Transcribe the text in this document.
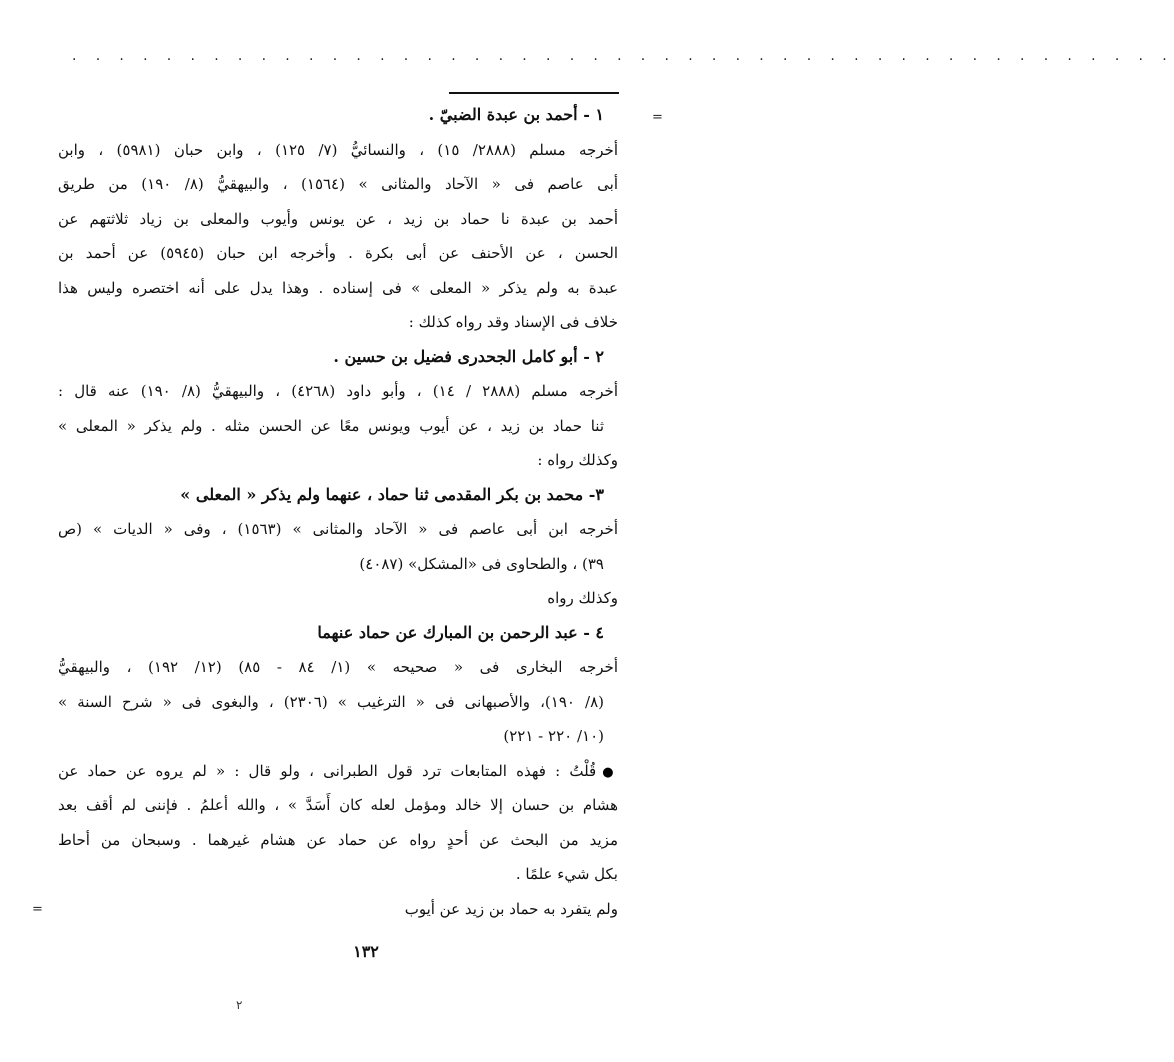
. . . . . . . . . . . . . . . . . . . . . . . . . . . . . . . . . . . . . . . . . . . . . . .
=
=
١ - أحمد بن عبدة الضبيّ .
أخرجه مسلم (٢٨٨٨/ ١٥) ، والنسائيُّ (٧/ ١٢٥) ، وابن حبان (٥٩٨١) ، وابن
أبى عاصم فى « الآحاد والمثانى » (١٥٦٤) ، والبيهقيُّ (٨/ ١٩٠) من طريق
أحمد بن عبدة نا حماد بن زيد ، عن يونس وأيوب والمعلى بن زياد ثلاثتهم عن
الحسن ، عن الأحنف عن أبى بكرة . وأخرجه ابن حبان (٥٩٤٥) عن أحمد بن
عبدة به ولم يذكر « المعلى » فى إسناده . وهذا يدل على أنه اختصره وليس هذا
خلاف فى الإسناد وقد رواه كذلك :
٢ - أبو كامل الجحدرى فضيل بن حسين .
أخرجه مسلم (٢٨٨٨ / ١٤) ، وأبو داود (٤٢٦٨) ، والبيهقيُّ (٨/ ١٩٠) عنه قال :
ثنا حماد بن زيد ، عن أيوب ويونس معًا عن الحسن مثله . ولم يذكر « المعلى »
وكذلك رواه :
٣- محمد بن بكر المقدمى ثنا حماد ، عنهما ولم يذكر « المعلى »
أخرجه ابن أبى عاصم فى « الآحاد والمثانى » (١٥٦٣) ، وفى « الديات » (ص
٣٩) ، والطحاوى فى «المشكل» (٤٠٨٧)
وكذلك رواه
٤ - عبد الرحمن بن المبارك عن حماد عنهما
أخرجه البخارى فى « صحيحه » (١/ ٨٤ - ٨٥) (١٢/ ١٩٢) ، والبيهقيُّ
(٨/ ١٩٠)، والأصبهانى فى « الترغيب » (٢٣٠٦) ، والبغوى فى « شرح السنة »
(١٠/ ٢٢٠ - ٢٢١)
●قُلْتُ : فهذه المتابعات ترد قول الطبرانى ، ولو قال : « لم يروه عن حماد عن
هشام بن حسان إلا خالد ومؤمل لعله كان أَسَدَّ » ، والله أعلمُ . فإننى لم أقف بعد
مزيد من البحث عن أحدٍ رواه عن حماد عن هشام غيرهما . وسبحان من أحاط
بكل شيء علمًا .
ولم يتفرد به حماد بن زيد عن أيوب
١٣٢
٢
